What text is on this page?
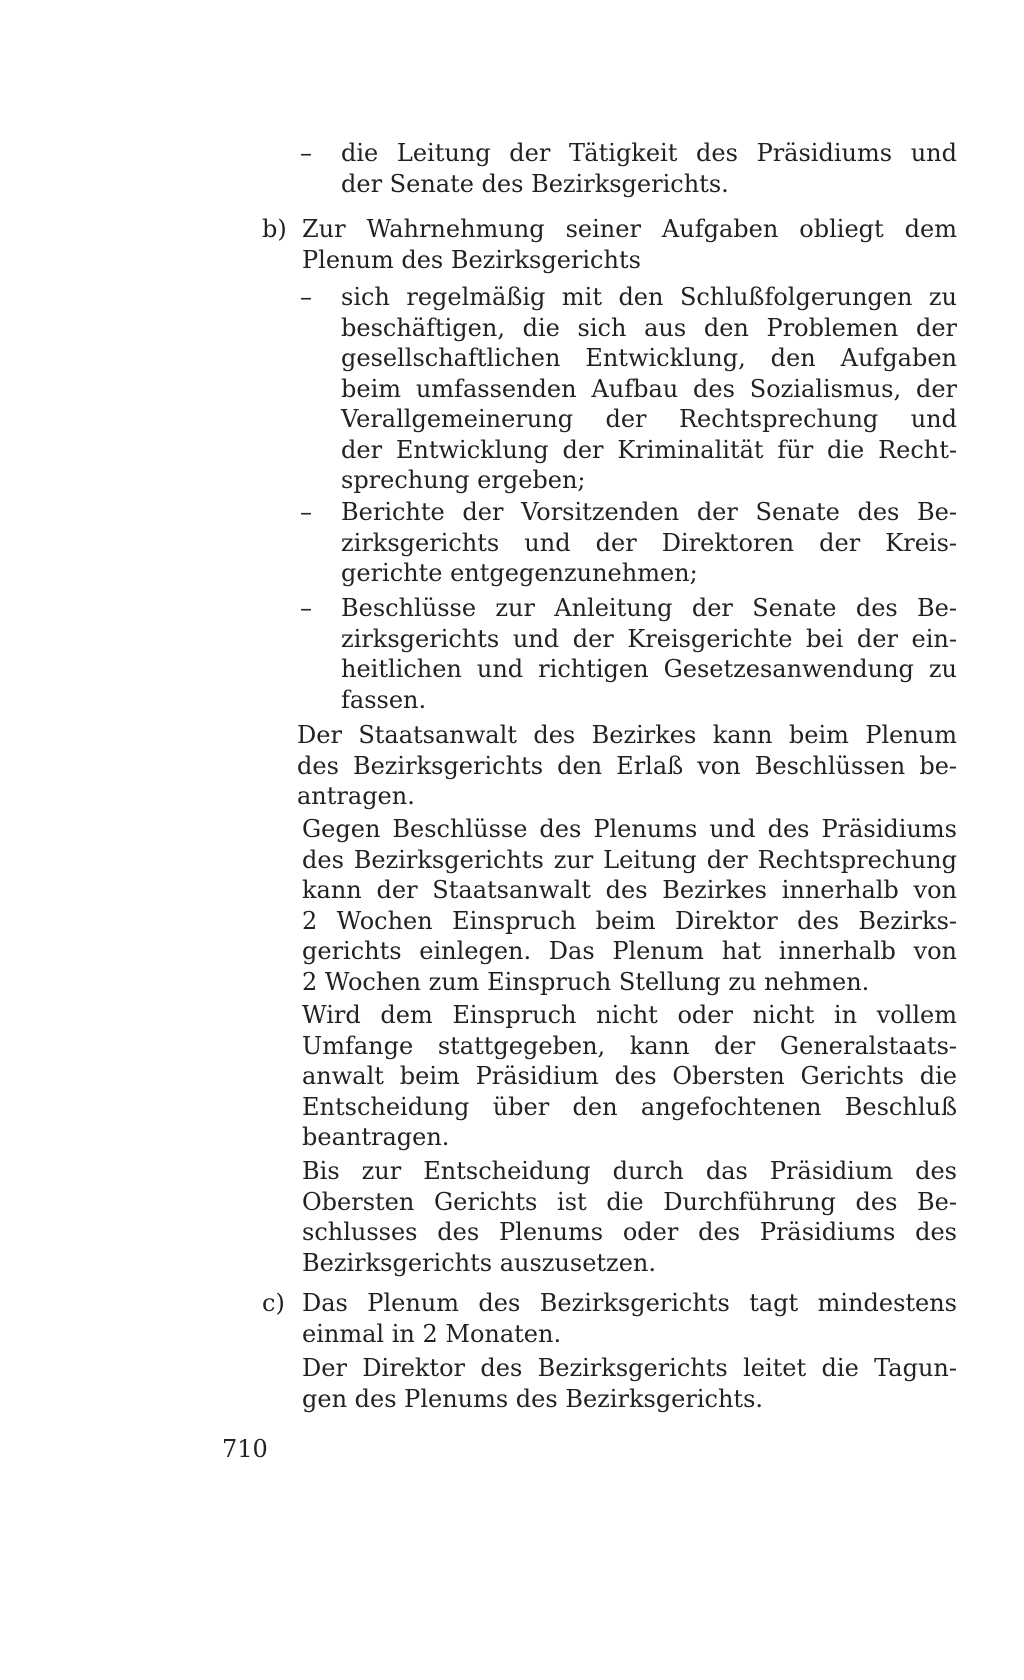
– die Leitung der Tätigkeit des Präsidiums und
der Senate des Bezirksgerichts.
b) Zur Wahrnehmung seiner Aufgaben obliegt dem
Plenum des Bezirksgerichts
– sich regelmäßig mit den Schlußfolgerungen zu
beschäftigen, die sich aus den Problemen der
gesellschaftlichen Entwicklung, den Aufgaben
beim umfassenden Aufbau des Sozialismus, der
Verallgemeinerung der Rechtsprechung und
der Entwicklung der Kriminalität für die Recht-
sprechung ergeben;
– Berichte der Vorsitzenden der Senate des Be-
zirksgerichts und der Direktoren der Kreis-
gerichte entgegenzunehmen;
– Beschlüsse zur Anleitung der Senate des Be-
zirksgerichts und der Kreisgerichte bei der ein-
heitlichen und richtigen Gesetzesanwendung zu
fassen.
Der Staatsanwalt des Bezirkes kann beim Plenum
des Bezirksgerichts den Erlaß von Beschlüssen be-
antragen.
Gegen Beschlüsse des Plenums und des Präsidiums
des Bezirksgerichts zur Leitung der Rechtsprechung
kann der Staatsanwalt des Bezirkes innerhalb von
2 Wochen Einspruch beim Direktor des Bezirks-
gerichts einlegen. Das Plenum hat innerhalb von
2 Wochen zum Einspruch Stellung zu nehmen.
Wird dem Einspruch nicht oder nicht in vollem
Umfange stattgegeben, kann der Generalstaats-
anwalt beim Präsidium des Obersten Gerichts die
Entscheidung über den angefochtenen Beschluß
beantragen.
Bis zur Entscheidung durch das Präsidium des
Obersten Gerichts ist die Durchführung des Be-
schlusses des Plenums oder des Präsidiums des
Bezirksgerichts auszusetzen.
c) Das Plenum des Bezirksgerichts tagt mindestens
einmal in 2 Monaten.
Der Direktor des Bezirksgerichts leitet die Tagun-
gen des Plenums des Bezirksgerichts.
710
